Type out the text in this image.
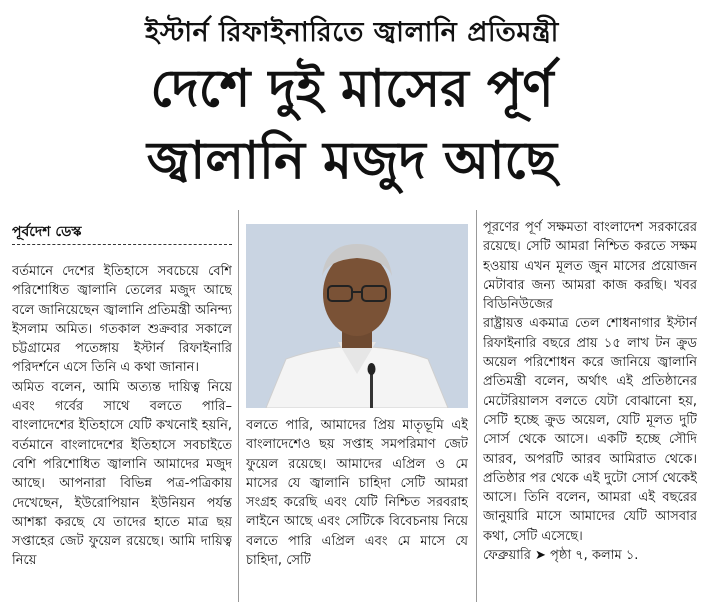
ইস্টার্ন রিফাইনারিতে জ্বালানি প্রতিমন্ত্রী
দেশে দুই মাসের পূর্ণ
জ্বালানি মজুদ আছে
পূর্বদেশ ডেস্ক

বর্তমানে দেশের ইতিহাসে সবচেয়ে বেশি পরিশোধিত জ্বালানি তেলের মজুদ আছে বলে জানিয়েছেন জ্বালানি প্রতিমন্ত্রী অনিন্দ্য ইসলাম অমিত। গতকাল শুক্রবার সকালে চট্টগ্রামের পতেঙ্গায় ইস্টার্ন রিফাইনারি পরিদর্শনে এসে তিনি এ কথা জানান।

অমিত বলেন, আমি অত্যন্ত দায়িত্ব নিয়ে এবং গর্বের সাথে বলতে পারি– বাংলাদেশের ইতিহাসে যেটি কখনোই হয়নি, বর্তমানে বাংলাদেশের ইতিহাসে সবচাইতে বেশি পরিশোধিত জ্বালানি আমাদের মজুদ আছে। আপনারা বিভিন্ন পত্র-পত্রিকায় দেখেছেন, ইউরোপিয়ান ইউনিয়ন পর্যন্ত আশঙ্কা করছে যে তাদের হাতে মাত্র ছয় সপ্তাহের জেট ফুয়েল রয়েছে। আমি দায়িত্ব নিয়ে

বলতে পারি, আমাদের প্রিয় মাতৃভূমি এই বাংলাদেশেও ছয় সপ্তাহ সমপরিমাণ জেট ফুয়েল রয়েছে। আমাদের এপ্রিল ও মে মাসের যে জ্বালানি চাহিদা সেটি আমরা সংগ্রহ করেছি এবং যেটি নিশ্চিত সরবরাহ লাইনে আছে এবং সেটিকে বিবেচনায় নিয়ে বলতে পারি এপ্রিল এবং মে মাসে যে চাহিদা, সেটি

পূরণের পূর্ণ সক্ষমতা বাংলাদেশ সরকারের রয়েছে। সেটি আমরা নিশ্চিত করতে সক্ষম হওয়ায় এখন মূলত জুন মাসের প্রয়োজন মেটাবার জন্য আমরা কাজ করছি। খবর বিডিনিউজের

রাষ্ট্রায়ত্ত একমাত্র তেল শোধনাগার ইস্টার্ন রিফাইনারি বছরে প্রায় ১৫ লাখ টন ক্রুড অয়েল পরিশোধন করে জানিয়ে জ্বালানি প্রতিমন্ত্রী বলেন, অর্থাৎ এই প্রতিষ্ঠানের মেটেরিয়ালস বলতে যেটা বোঝানো হয়, সেটি হচ্ছে ক্রুড অয়েল, যেটি মূলত দুটি সোর্স থেকে আসে। একটি হচ্ছে সৌদি আরব, অপরটি আরব আমিরাত থেকে। প্রতিষ্ঠার পর থেকে এই দুটো সোর্স থেকেই আসে। তিনি বলেন, আমরা এই বছরের জানুয়ারি মাসে আমাদের যেটি আসবার কথা, সেটি এসেছে।

ফেব্রুয়ারি ➤ পৃষ্ঠা ৭, কলাম ১.
